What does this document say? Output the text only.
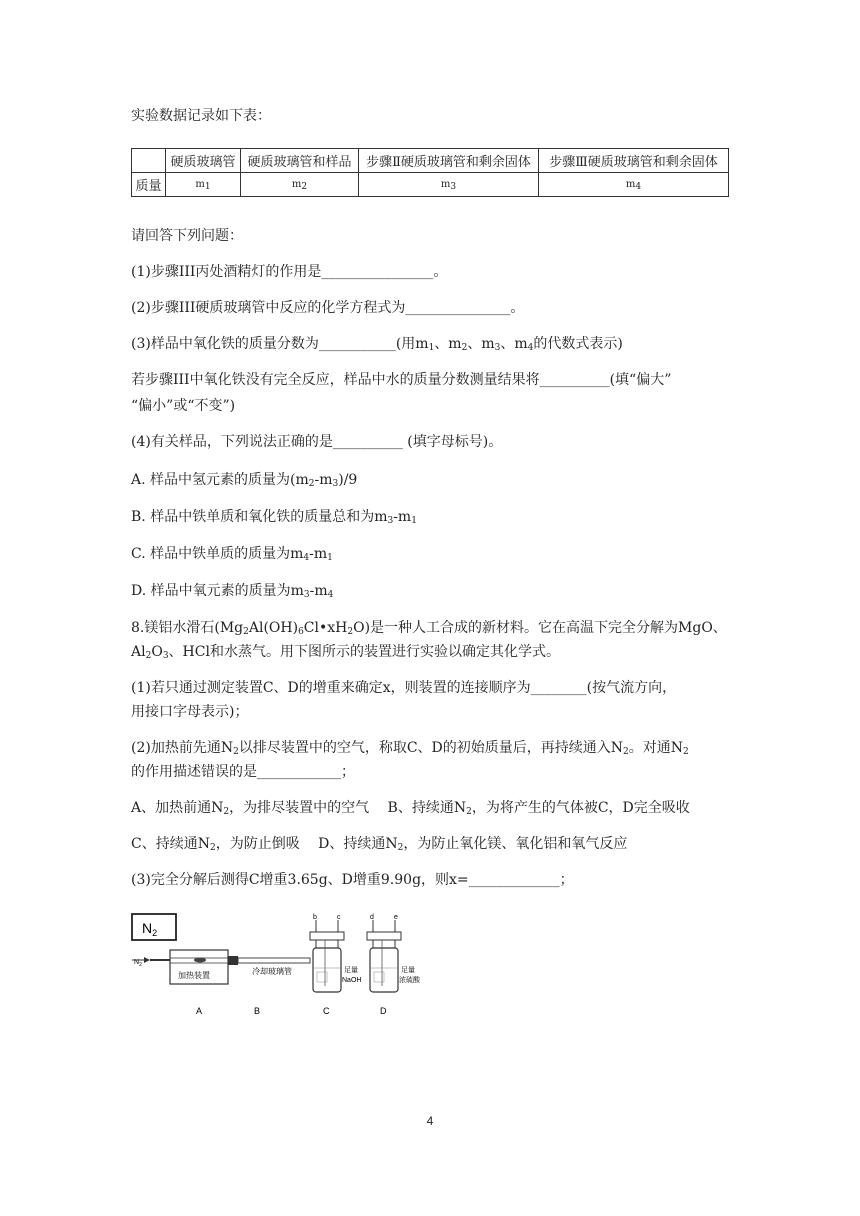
实验数据记录如下表：

	硬质玻璃管	硬质玻璃管和样品	步骤Ⅱ硬质玻璃管和剩余固体	步骤Ⅲ硬质玻璃管和剩余固体
质量	$m_1$	$m_2$	$m_3$	$m_4$

请回答下列问题：

(1)步骤III丙处酒精灯的作用是________________。

(2)步骤III硬质玻璃管中反应的化学方程式为_______________。

(3)样品中氧化铁的质量分数为___________(用$m_1$、$m_2$、$m_3$、$m_4$的代数式表示)

若步骤III中氧化铁没有完全反应，样品中水的质量分数测量结果将__________(填“偏大”

“偏小”或“不变”)

(4)有关样品，下列说法正确的是__________ (填字母标号)。

A. 样品中氢元素的质量为$(m_2-m_3)/9$

B. 样品中铁单质和氧化铁的质量总和为$m_3-m_1$

C. 样品中铁单质的质量为$m_4-m_1$

D. 样品中氧元素的质量为$m_3-m_4$

8.镁铝水滑石$(Mg_2Al(OH)_6Cl•xH_2O)$是一种人工合成的新材料。它在高温下完全分解为MgO、

$Al_2O_3$、HCl和水蒸气。用下图所示的装置进行实验以确定其化学式。

(1)若只通过测定装置C、D的增重来确定x，则装置的连接顺序为________(按气流方向，

用接口字母表示)；

(2)加热前先通$N_2$以排尽装置中的空气，称取C、D的初始质量后，再持续通入$N_2$。对通$N_2$

的作用描述错误的是____________；

A、加热前通$N_2$，为排尽装置中的空气　 B、持续通$N_2$，为将产生的气体被C，D完全吸收

C、持续通$N_2$，为防止倒吸　 D、持续通$N_2$，为防止氧化镁、氧化铝和氧气反应

(3)完全分解后测得C增重3.65g、D增重9.90g，则x=_____________；

$N_2$
$N_2$
加热装置	冷却玻璃管
b	c
足量
NaOH
d	e
足量
浓硫酸
A	B	C	D
4
